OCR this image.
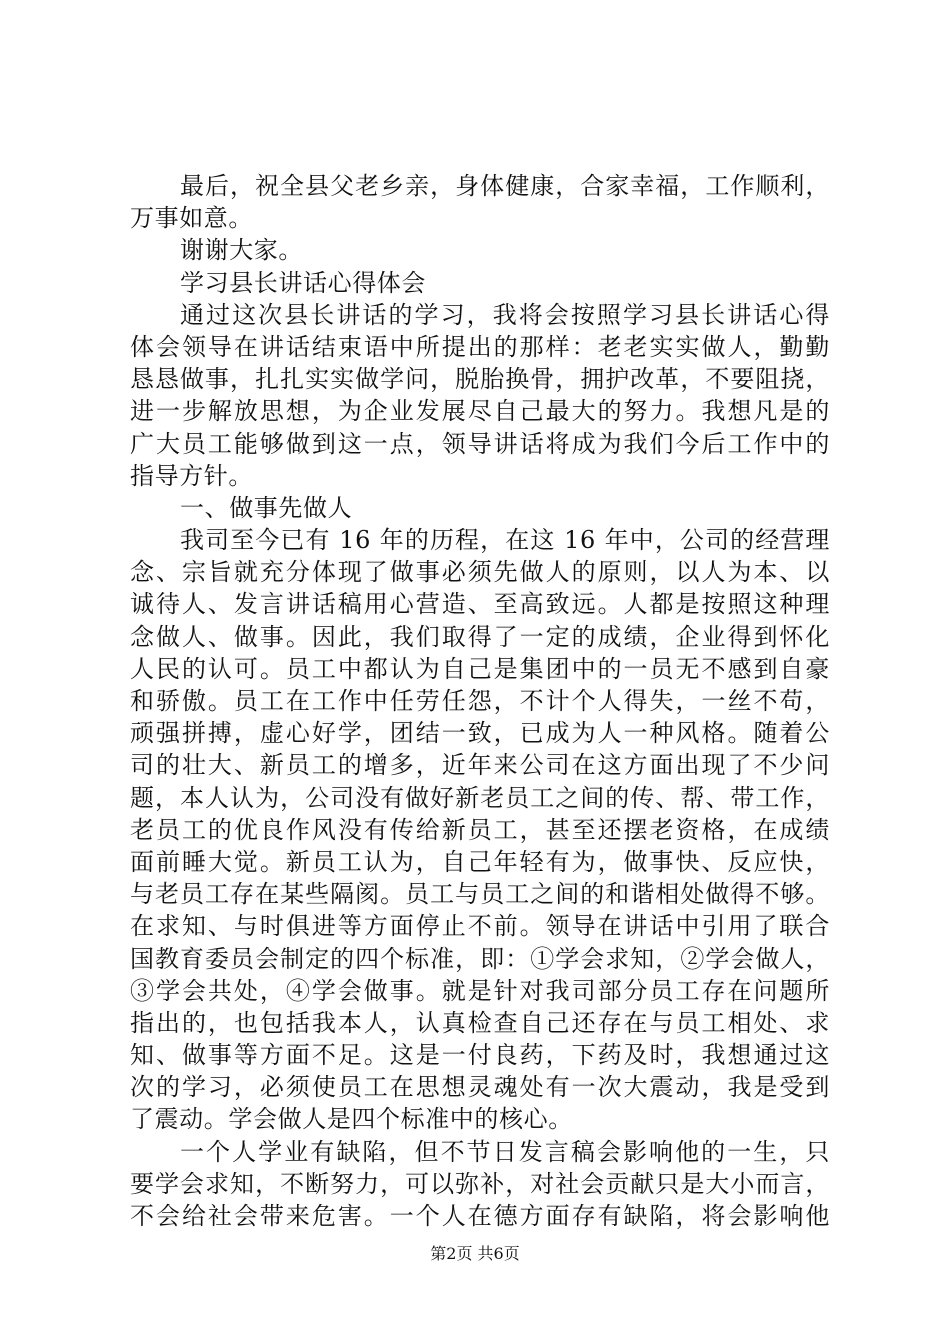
最后，祝全县父老乡亲，身体健康，合家幸福，工作顺利，
万事如意。
谢谢大家。
学习县长讲话心得体会
通过这次县长讲话的学习，我将会按照学习县长讲话心得
体会领导在讲话结束语中所提出的那样：老老实实做人，勤勤
恳恳做事，扎扎实实做学问，脱胎换骨，拥护改革，不要阻挠，
进一步解放思想，为企业发展尽自己最大的努力。我想凡是的
广大员工能够做到这一点，领导讲话将成为我们今后工作中的
指导方针。
一、做事先做人
我司至今已有 16 年的历程，在这 16 年中，公司的经营理
念、宗旨就充分体现了做事必须先做人的原则，以人为本、以
诚待人、发言讲话稿用心营造、至高致远。人都是按照这种理
念做人、做事。因此，我们取得了一定的成绩，企业得到怀化
人民的认可。员工中都认为自己是集团中的一员无不感到自豪
和骄傲。员工在工作中任劳任怨，不计个人得失，一丝不苟，
顽强拼搏，虚心好学，团结一致，已成为人一种风格。随着公
司的壮大、新员工的增多，近年来公司在这方面出现了不少问
题，本人认为，公司没有做好新老员工之间的传、帮、带工作，
老员工的优良作风没有传给新员工，甚至还摆老资格，在成绩
面前睡大觉。新员工认为，自己年轻有为，做事快、反应快，
与老员工存在某些隔阂。员工与员工之间的和谐相处做得不够。
在求知、与时俱进等方面停止不前。领导在讲话中引用了联合
国教育委员会制定的四个标准，即：①学会求知，②学会做人，
③学会共处，④学会做事。就是针对我司部分员工存在问题所
指出的，也包括我本人，认真检查自己还存在与员工相处、求
知、做事等方面不足。这是一付良药，下药及时，我想通过这
次的学习，必须使员工在思想灵魂处有一次大震动，我是受到
了震动。学会做人是四个标准中的核心。
一个人学业有缺陷，但不节日发言稿会影响他的一生，只
要学会求知，不断努力，可以弥补，对社会贡献只是大小而言，
不会给社会带来危害。一个人在德方面存有缺陷，将会影响他
第2页 共6页
